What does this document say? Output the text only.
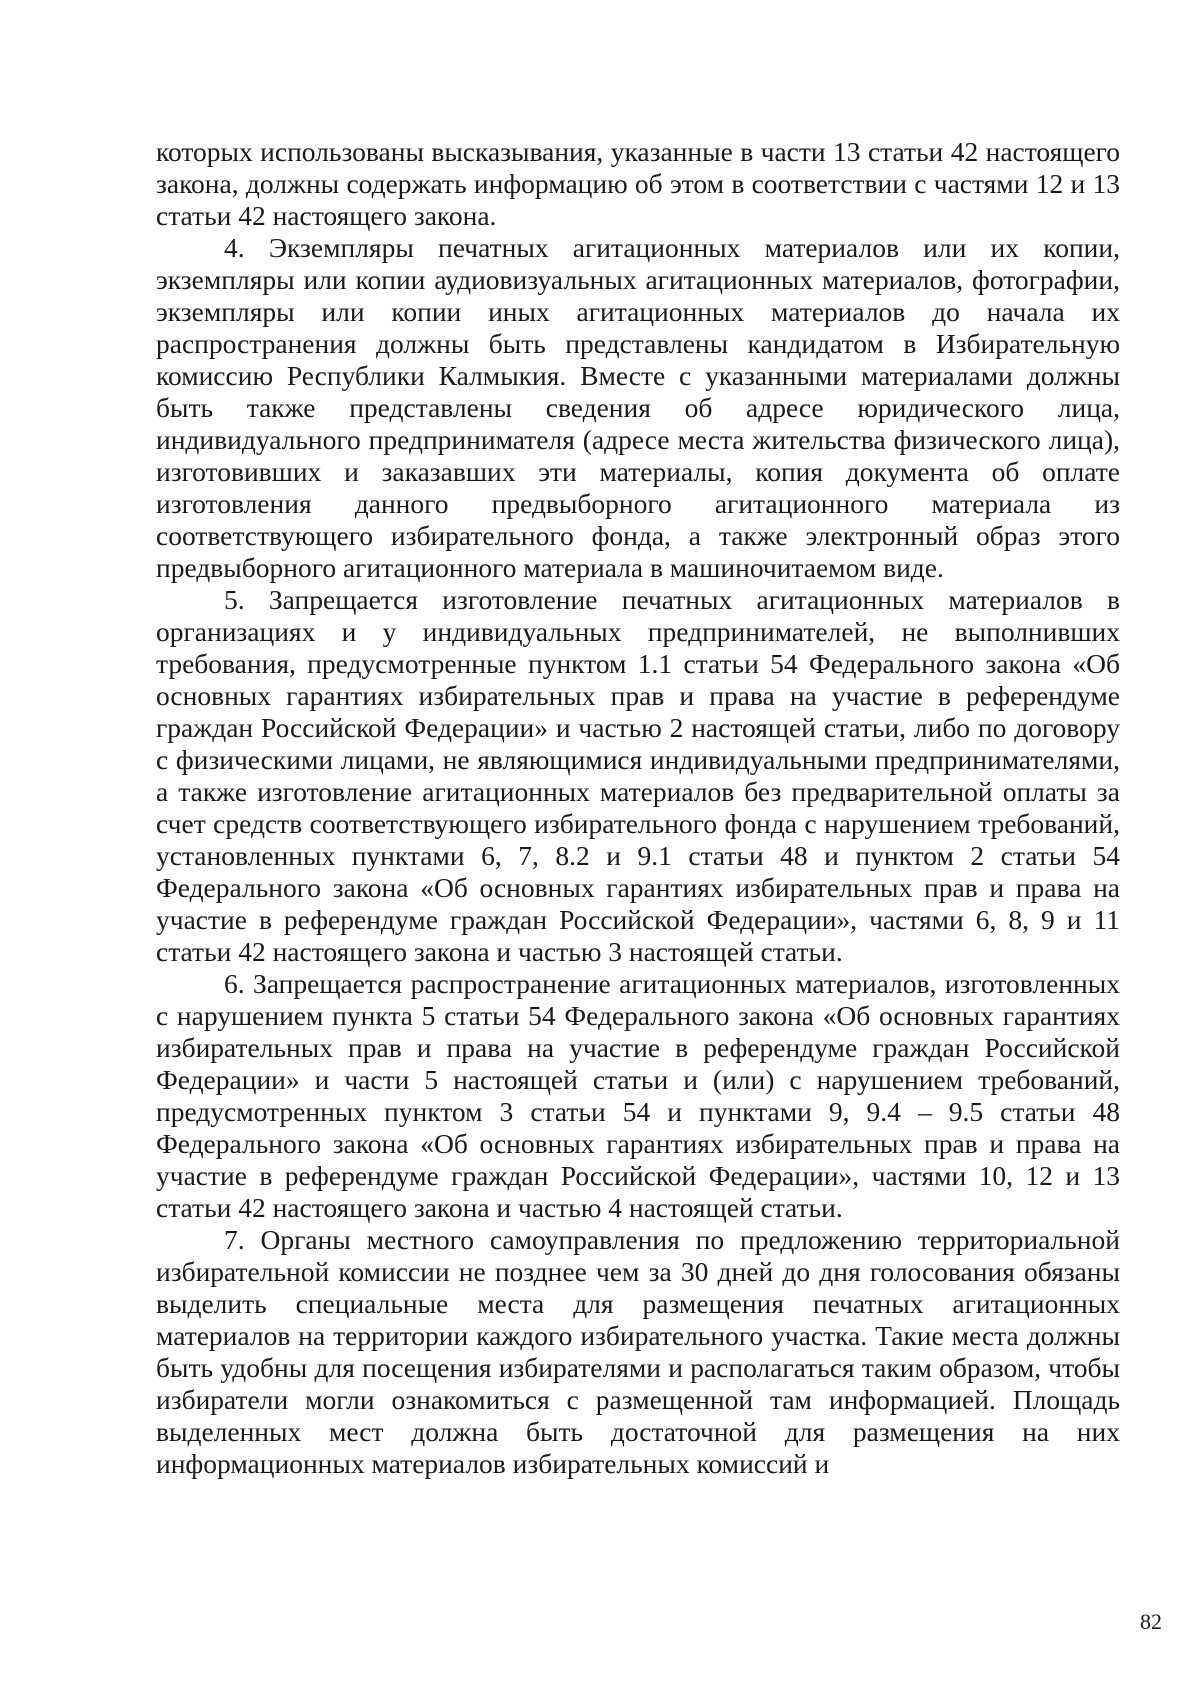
которых использованы высказывания, указанные в части 13 статьи 42 настоящего закона, должны содержать информацию об этом в соответствии с частями 12 и 13 статьи 42 настоящего закона.

4. Экземпляры печатных агитационных материалов или их копии, экземпляры или копии аудиовизуальных агитационных материалов, фотографии, экземпляры или копии иных агитационных материалов до начала их распространения должны быть представлены кандидатом в Избирательную комиссию Республики Калмыкия. Вместе с указанными материалами должны быть также представлены сведения об адресе юридического лица, индивидуального предпринимателя (адресе места жительства физического лица), изготовивших и заказавших эти материалы, копия документа об оплате изготовления данного предвыборного агитационного материала из соответствующего избирательного фонда, а также электронный образ этого предвыборного агитационного материала в машиночитаемом виде.

5. Запрещается изготовление печатных агитационных материалов в организациях и у индивидуальных предпринимателей, не выполнивших требования, предусмотренные пунктом 1.1 статьи 54 Федерального закона «Об основных гарантиях избирательных прав и права на участие в референдуме граждан Российской Федерации» и частью 2 настоящей статьи, либо по договору с физическими лицами, не являющимися индивидуальными предпринимателями, а также изготовление агитационных материалов без предварительной оплаты за счет средств соответствующего избирательного фонда с нарушением требований, установленных пунктами 6, 7, 8.2 и 9.1 статьи 48 и пунктом 2 статьи 54 Федерального закона «Об основных гарантиях избирательных прав и права на участие в референдуме граждан Российской Федерации», частями 6, 8, 9 и 11 статьи 42 настоящего закона и частью 3 настоящей статьи.

6. Запрещается распространение агитационных материалов, изготовленных с нарушением пункта 5 статьи 54 Федерального закона «Об основных гарантиях избирательных прав и права на участие в референдуме граждан Российской Федерации» и части 5 настоящей статьи и (или) с нарушением требований, предусмотренных пунктом 3 статьи 54 и пунктами 9, 9.4 – 9.5 статьи 48 Федерального закона «Об основных гарантиях избирательных прав и права на участие в референдуме граждан Российской Федерации», частями 10, 12 и 13 статьи 42 настоящего закона и частью 4 настоящей статьи.

7. Органы местного самоуправления по предложению территориальной избирательной комиссии не позднее чем за 30 дней до дня голосования обязаны выделить специальные места для размещения печатных агитационных материалов на территории каждого избирательного участка. Такие места должны быть удобны для посещения избирателями и располагаться таким образом, чтобы избиратели могли ознакомиться с размещенной там информацией. Площадь выделенных мест должна быть достаточной для размещения на них информационных материалов избирательных комиссий и

82
